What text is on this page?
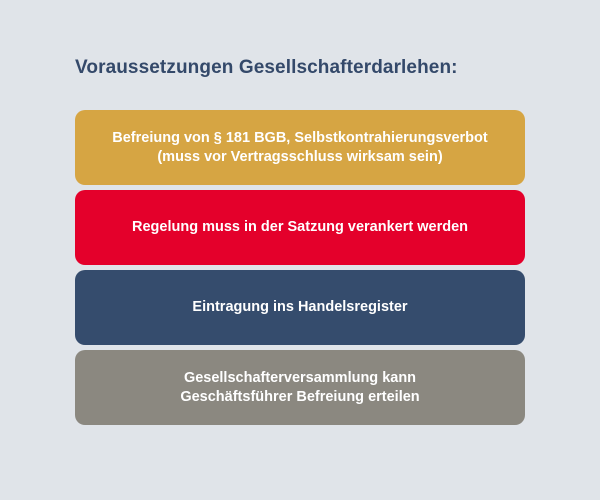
Voraussetzungen Gesellschafterdarlehen:
Befreiung von § 181 BGB, Selbstkontrahierungsverbot
(muss vor Vertragsschluss wirksam sein)
Regelung muss in der Satzung verankert werden
Eintragung ins Handelsregister
Gesellschafterversammlung kann
Geschäftsführer Befreiung erteilen
